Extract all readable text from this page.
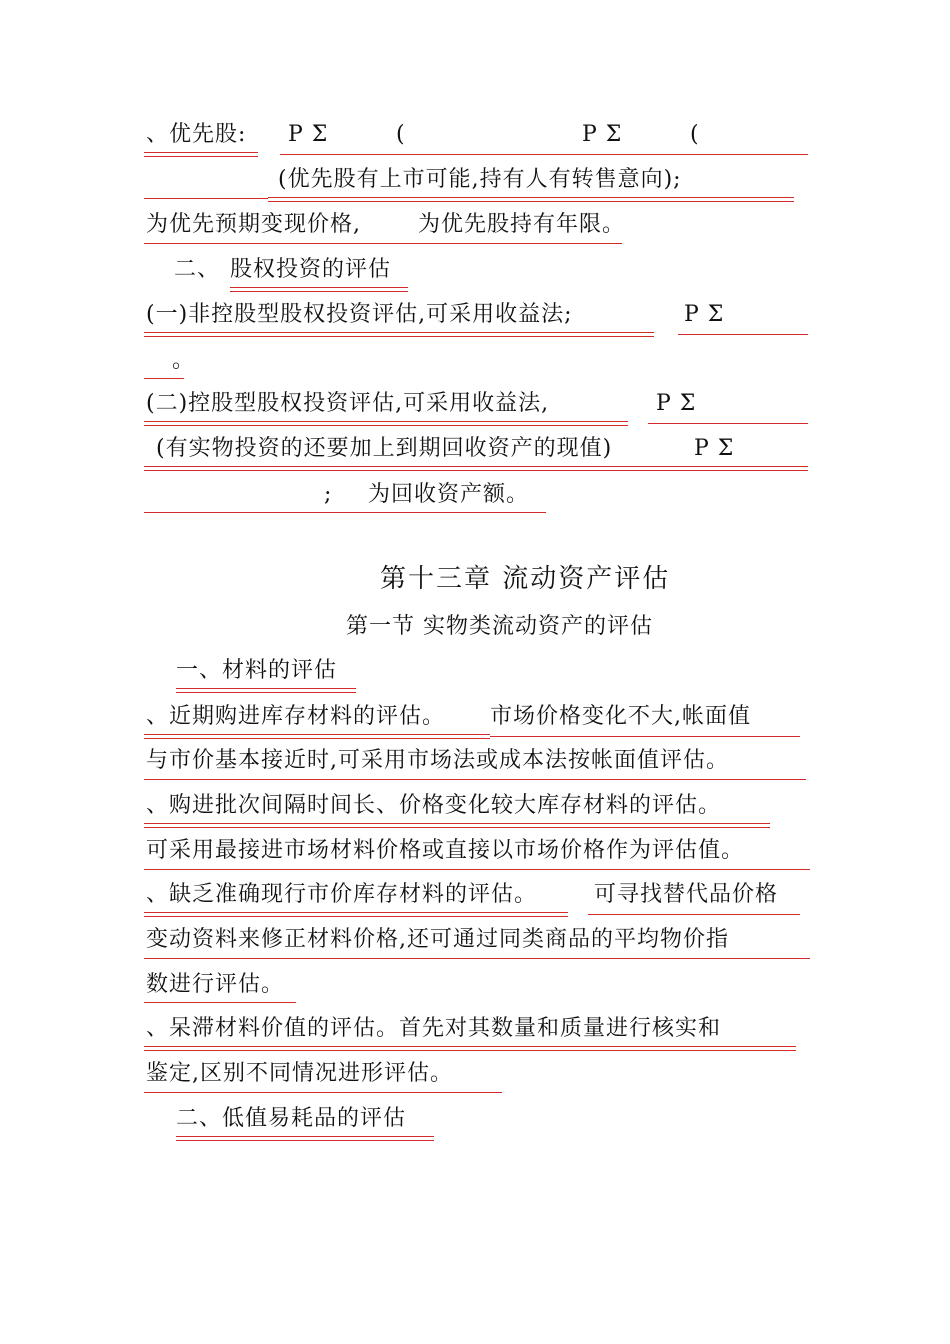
、优先股: P Σ	(	P Σ	(
(优先股有上市可能,持有人有转售意向);
为优先预期变现价格,	为优先股持有年限。
二、 股权投资的评估
(一)非控股型股权投资评估,可采用收益法;	P Σ
。
(二)控股型股权投资评估,可采用收益法,	P Σ
(有实物投资的还要加上到期回收资产的现值)	P Σ
; 为回收资产额。
第十三章 流动资产评估
第一节 实物类流动资产的评估
一、材料的评估
、近期购进库存材料的评估。 市场价格变化不大,帐面值
与市价基本接近时,可采用市场法或成本法按帐面值评估。
、购进批次间隔时间长、价格变化较大库存材料的评估。
可采用最接进市场材料价格或直接以市场价格作为评估值。
、缺乏准确现行市价库存材料的评估。	可寻找替代品价格
变动资料来修正材料价格,还可通过同类商品的平均物价指
数进行评估。
、呆滞材料价值的评估。首先对其数量和质量进行核实和
鉴定,区别不同情况进形评估。
二、低值易耗品的评估
